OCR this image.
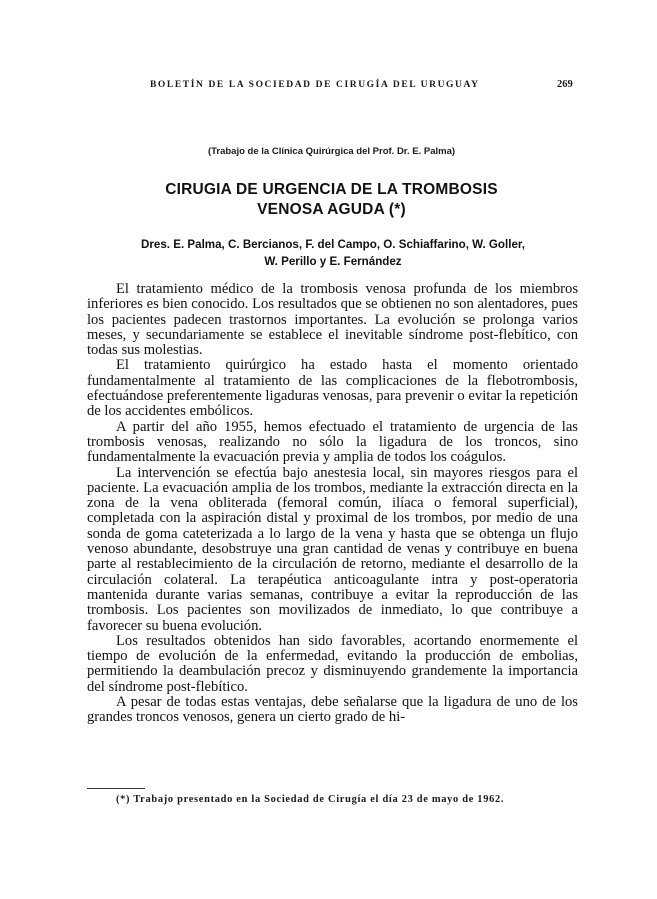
BOLETÍN DE LA SOCIEDAD DE CIRUGÍA DEL URUGUAY	269
(Trabajo de la Clínica Quirúrgica del Prof. Dr. E. Palma)
CIRUGIA DE URGENCIA DE LA TROMBOSIS
VENOSA AGUDA (*)
Dres. E. Palma, C. Bercianos, F. del Campo, O. Schiaffarino, W. Goller,
W. Perillo y E. Fernández

El tratamiento médico de la trombosis venosa profunda de los miembros inferiores es bien conocido. Los resultados que se obtienen no son alentadores, pues los pacientes padecen trastornos importantes. La evolución se prolonga varios meses, y secundariamente se establece el inevitable síndrome post-flebítico, con todas sus molestias.

El tratamiento quirúrgico ha estado hasta el momento orientado fundamentalmente al tratamiento de las complicaciones de la flebotrombosis, efectuándose preferentemente ligaduras venosas, para prevenir o evitar la repetición de los accidentes embólicos.

A partir del año 1955, hemos efectuado el tratamiento de urgencia de las trombosis venosas, realizando no sólo la ligadura de los troncos, sino fundamentalmente la evacuación previa y amplia de todos los coágulos.

La intervención se efectúa bajo anestesia local, sin mayores riesgos para el paciente. La evacuación amplia de los trombos, mediante la extracción directa en la zona de la vena obliterada (femoral común, ilíaca o femoral superficial), completada con la aspiración distal y proximal de los trombos, por medio de una sonda de goma cateterizada a lo largo de la vena y hasta que se obtenga un flujo venoso abundante, desobstruye una gran cantidad de venas y contribuye en buena parte al restablecimiento de la circulación de retorno, mediante el desarrollo de la circulación colateral. La terapéutica anticoagulante intra y post-operatoria mantenida durante varias semanas, contribuye a evitar la reproducción de las trombosis. Los pacientes son movilizados de inmediato, lo que contribuye a favorecer su buena evolución.

Los resultados obtenidos han sido favorables, acortando enormemente el tiempo de evolución de la enfermedad, evitando la producción de embolias, permitiendo la deambulación precoz y disminuyendo grandemente la importancia del síndrome post-flebítico.

A pesar de todas estas ventajas, debe señalarse que la ligadura de uno de los grandes troncos venosos, genera un cierto grado de hi-

(*) Trabajo presentado en la Sociedad de Cirugía el día 23 de mayo de 1962.
